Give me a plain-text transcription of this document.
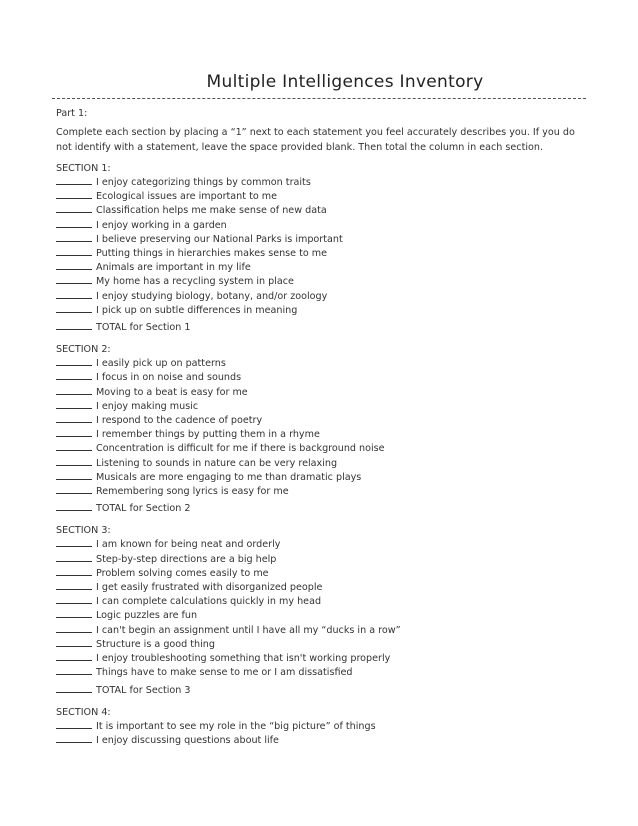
Multiple Intelligences Inventory
Part 1:
Complete each section by placing a “1” next to each statement you feel accurately describes you. If you do not identify with a statement, leave the space provided blank. Then total the column in each section.
SECTION 1:
I enjoy categorizing things by common traits
Ecological issues are important to me
Classification helps me make sense of new data
I enjoy working in a garden
I believe preserving our National Parks is important
Putting things in hierarchies makes sense to me
Animals are important in my life
My home has a recycling system in place
I enjoy studying biology, botany, and/or zoology
I pick up on subtle differences in meaning
TOTAL for Section 1
SECTION 2:
I easily pick up on patterns
I focus in on noise and sounds
Moving to a beat is easy for me
I enjoy making music
I respond to the cadence of poetry
I remember things by putting them in a rhyme
Concentration is difficult for me if there is background noise
Listening to sounds in nature can be very relaxing
Musicals are more engaging to me than dramatic plays
Remembering song lyrics is easy for me
TOTAL for Section 2
SECTION 3:
I am known for being neat and orderly
Step-by-step directions are a big help
Problem solving comes easily to me
I get easily frustrated with disorganized people
I can complete calculations quickly in my head
Logic puzzles are fun
I can't begin an assignment until I have all my “ducks in a row”
Structure is a good thing
I enjoy troubleshooting something that isn't working properly
Things have to make sense to me or I am dissatisfied
TOTAL for Section 3
SECTION 4:
It is important to see my role in the “big picture” of things
I enjoy discussing questions about life
